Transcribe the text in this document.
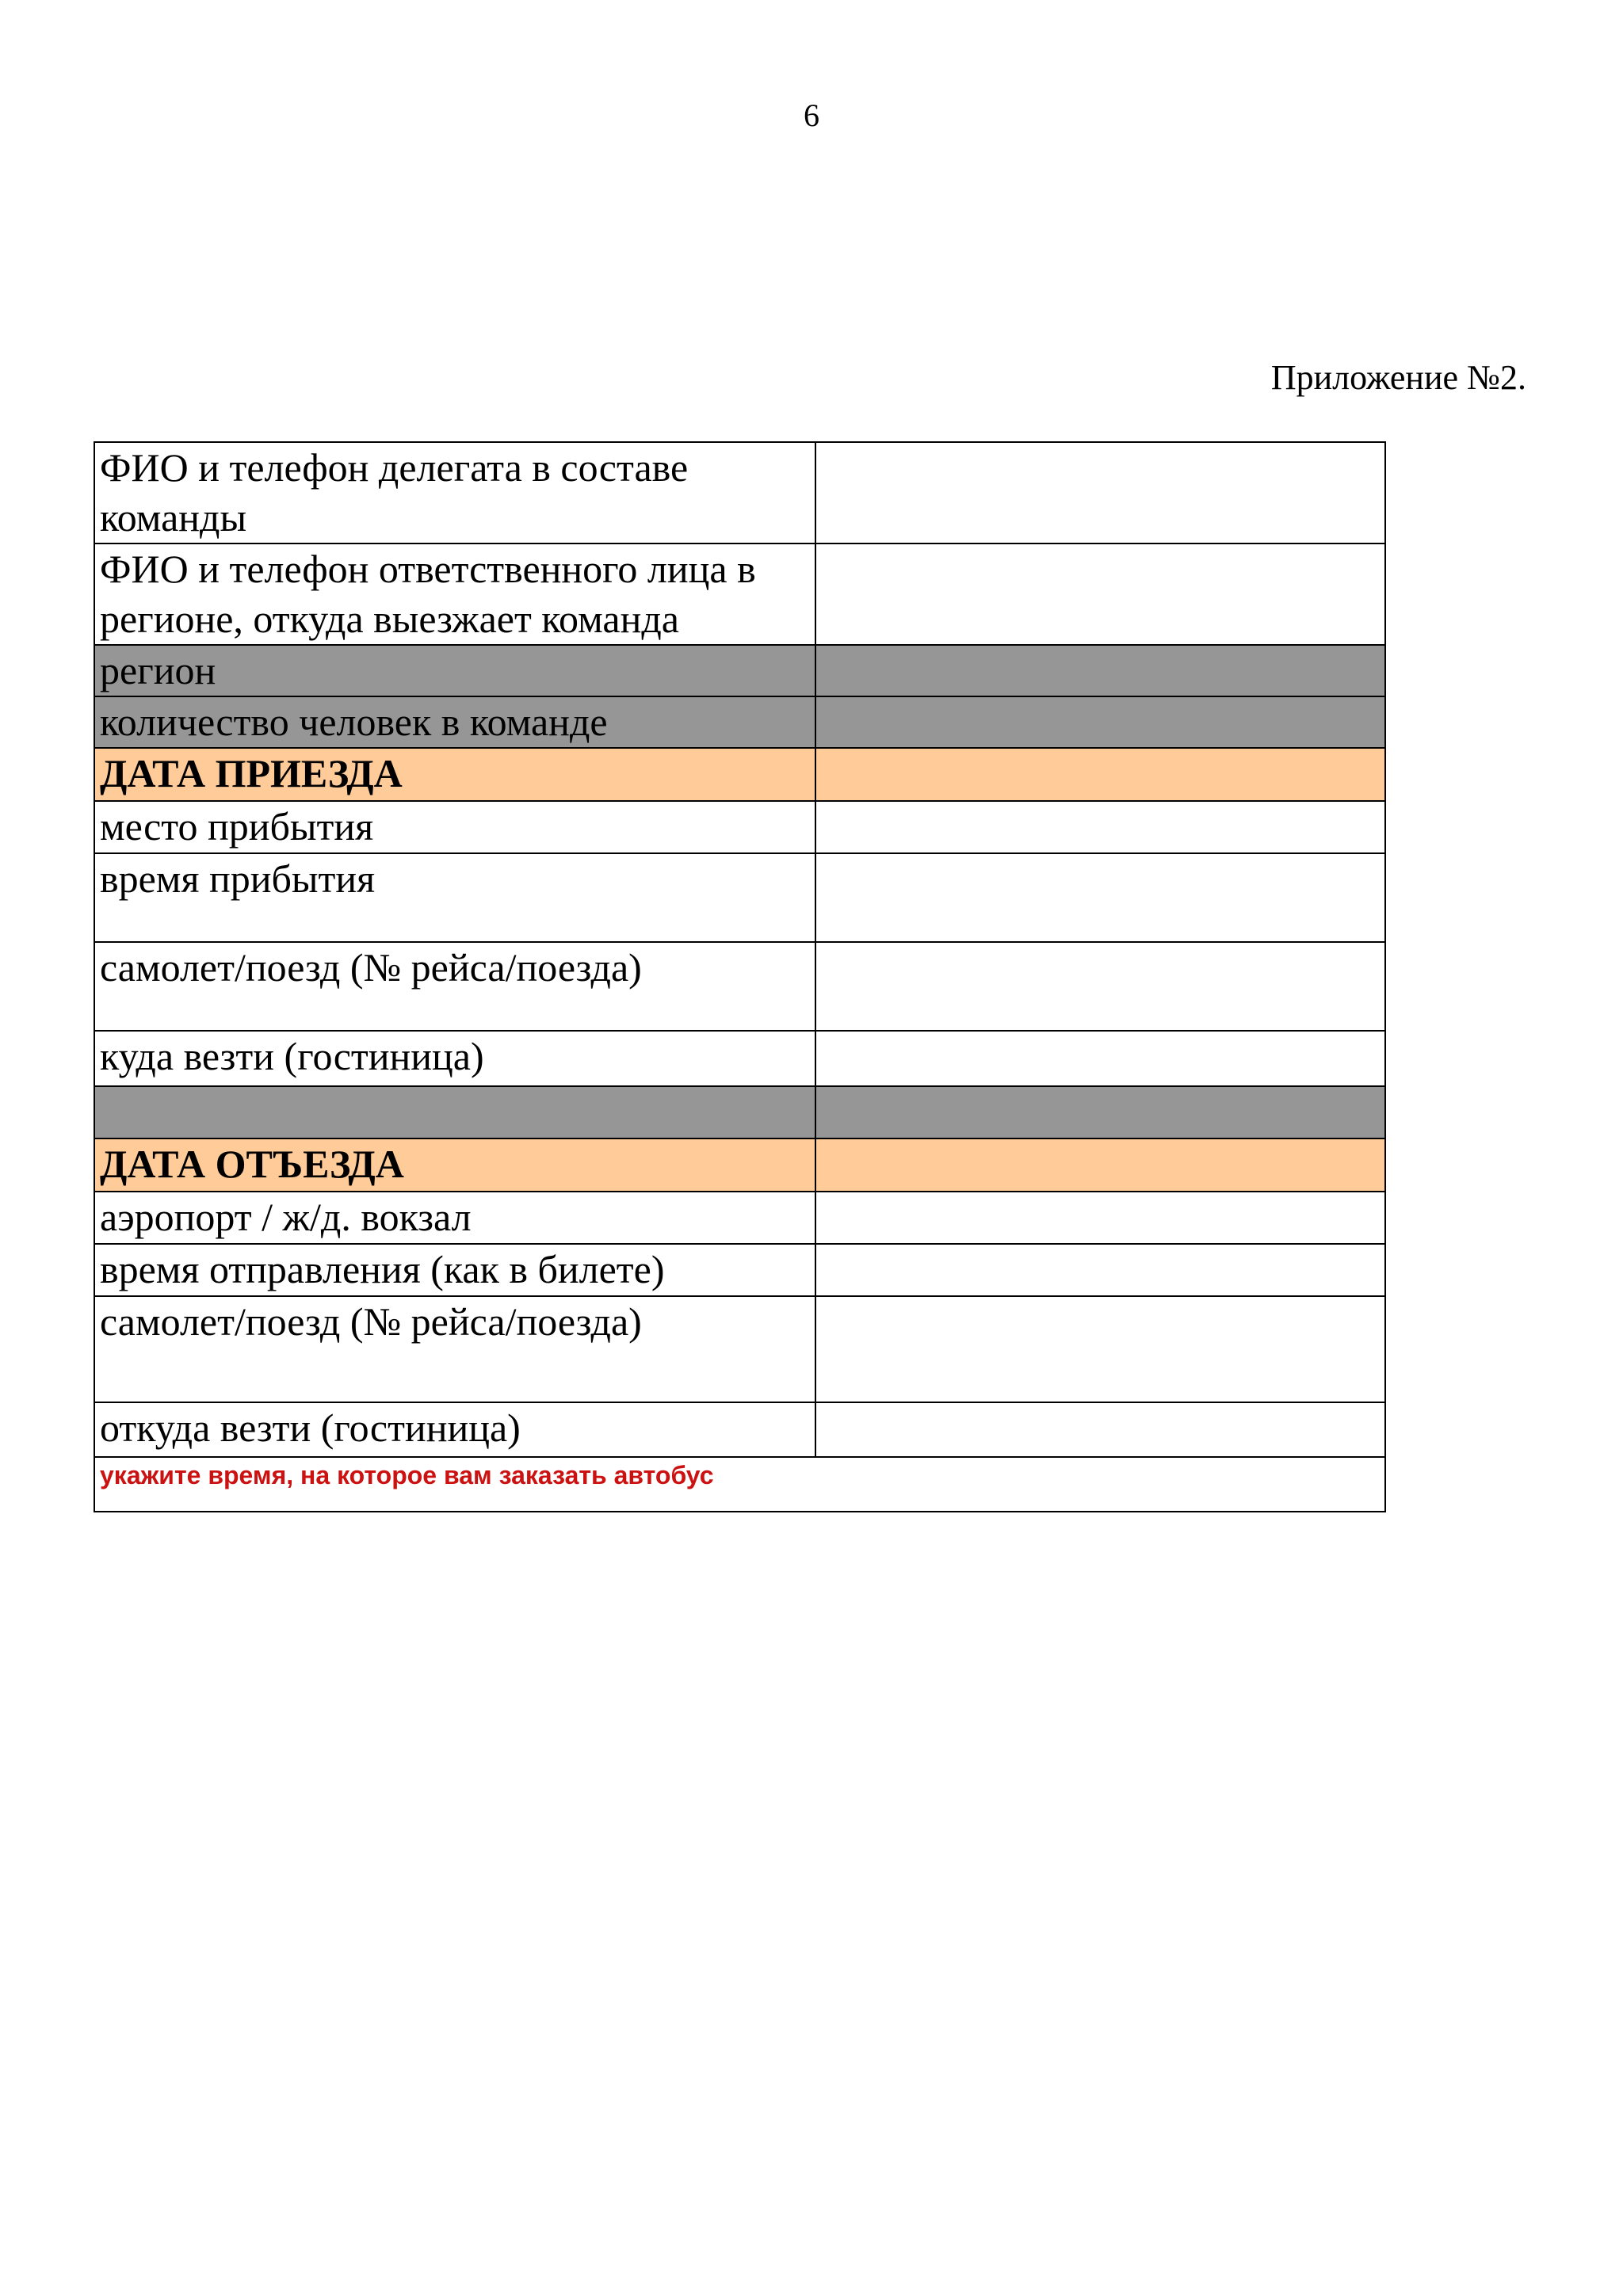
6
Приложение №2.
ФИО и телефон делегата в составе команды	
ФИО и телефон ответственного лица в регионе, откуда выезжает команда	
регион	
количество человек в команде	
ДАТА ПРИЕЗДА	
место прибытия	
время прибытия	
самолет/поезд (№ рейса/поезда)	
куда везти (гостиница)	

ДАТА ОТЪЕЗДА	
аэропорт / ж/д. вокзал	
время отправления (как в билете)	
самолет/поезд (№ рейса/поезда)	
откуда везти (гостиница)	
укажите время, на которое вам заказать автобус	
